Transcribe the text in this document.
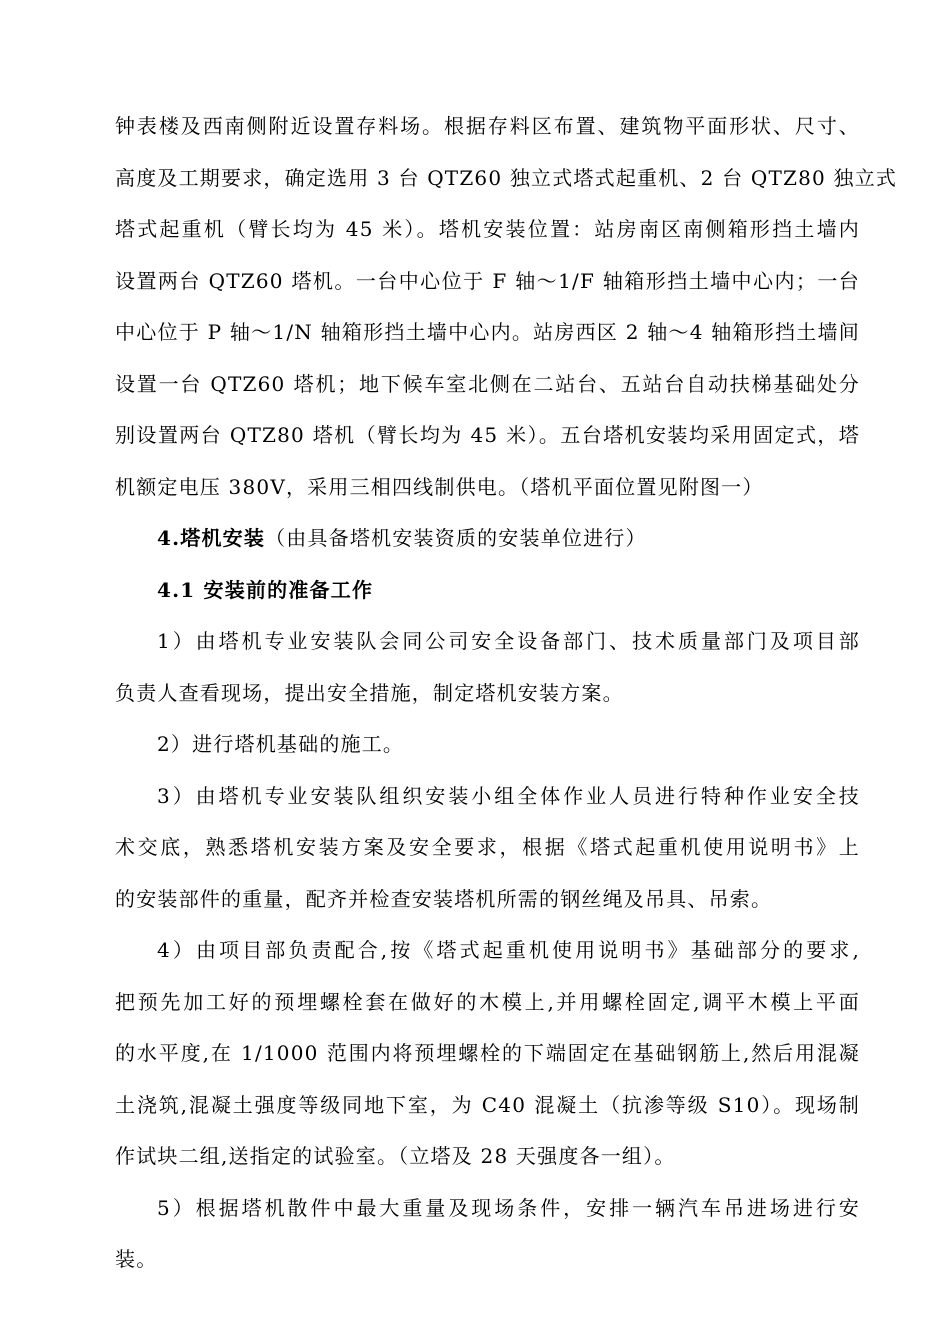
钟表楼及西南侧附近设置存料场。根据存料区布置、建筑物平面形状、尺寸、
高度及工期要求，确定选用 3 台 QTZ60 独立式塔式起重机、2 台 QTZ80 独立式
塔式起重机（臂长均为 45 米）。塔机安装位置：站房南区南侧箱形挡土墙内
设置两台 QTZ60 塔机。一台中心位于 F 轴～1/F 轴箱形挡土墙中心内；一台
中心位于 P 轴～1/N 轴箱形挡土墙中心内。站房西区 2 轴～4 轴箱形挡土墙间
设置一台 QTZ60 塔机；地下候车室北侧在二站台、五站台自动扶梯基础处分
别设置两台 QTZ80 塔机（臂长均为 45 米）。五台塔机安装均采用固定式，塔
机额定电压 380V，采用三相四线制供电。（塔机平面位置见附图一）
4.塔机安装（由具备塔机安装资质的安装单位进行）
4.1 安装前的准备工作
1）由塔机专业安装队会同公司安全设备部门、技术质量部门及项目部
负责人查看现场，提出安全措施，制定塔机安装方案。
2）进行塔机基础的施工。
3）由塔机专业安装队组织安装小组全体作业人员进行特种作业安全技
术交底，熟悉塔机安装方案及安全要求，根据《塔式起重机使用说明书》上
的安装部件的重量，配齐并检查安装塔机所需的钢丝绳及吊具、吊索。
4）由项目部负责配合,按《塔式起重机使用说明书》基础部分的要求,
把预先加工好的预埋螺栓套在做好的木模上,并用螺栓固定,调平木模上平面
的水平度,在 1/1000 范围内将预埋螺栓的下端固定在基础钢筋上,然后用混凝
土浇筑,混凝土强度等级同地下室，为 C40 混凝土（抗渗等级 S10）。现场制
作试块二组,送指定的试验室。（立塔及 28 天强度各一组）。
5）根据塔机散件中最大重量及现场条件，安排一辆汽车吊进场进行安
装。
